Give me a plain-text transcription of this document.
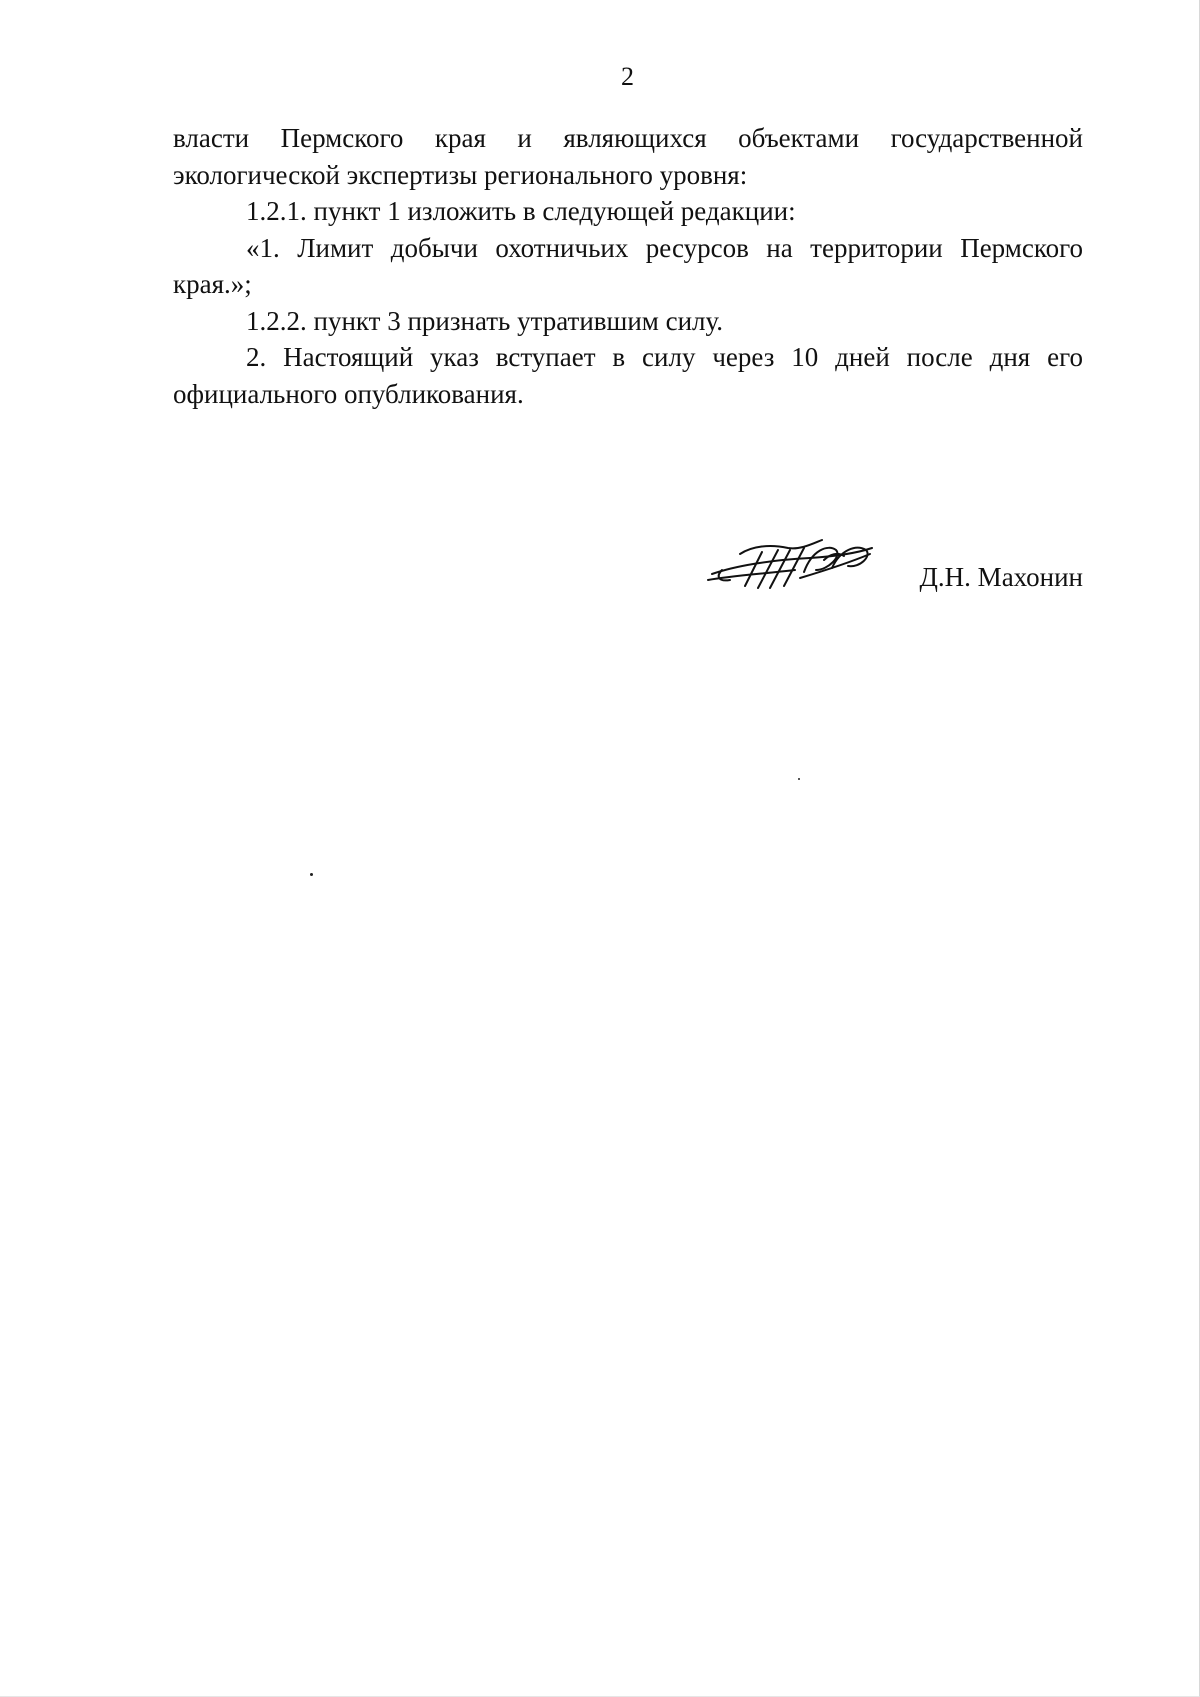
2

власти Пермского края и являющихся объектами государственной экологической экспертизы регионального уровня:

1.2.1. пункт 1 изложить в следующей редакции:

«1. Лимит добычи охотничьих ресурсов на территории Пермского края.»;

1.2.2. пункт 3 признать утратившим силу.

2. Настоящий указ вступает в силу через 10 дней после дня его официального опубликования.

Д.Н. Махонин
